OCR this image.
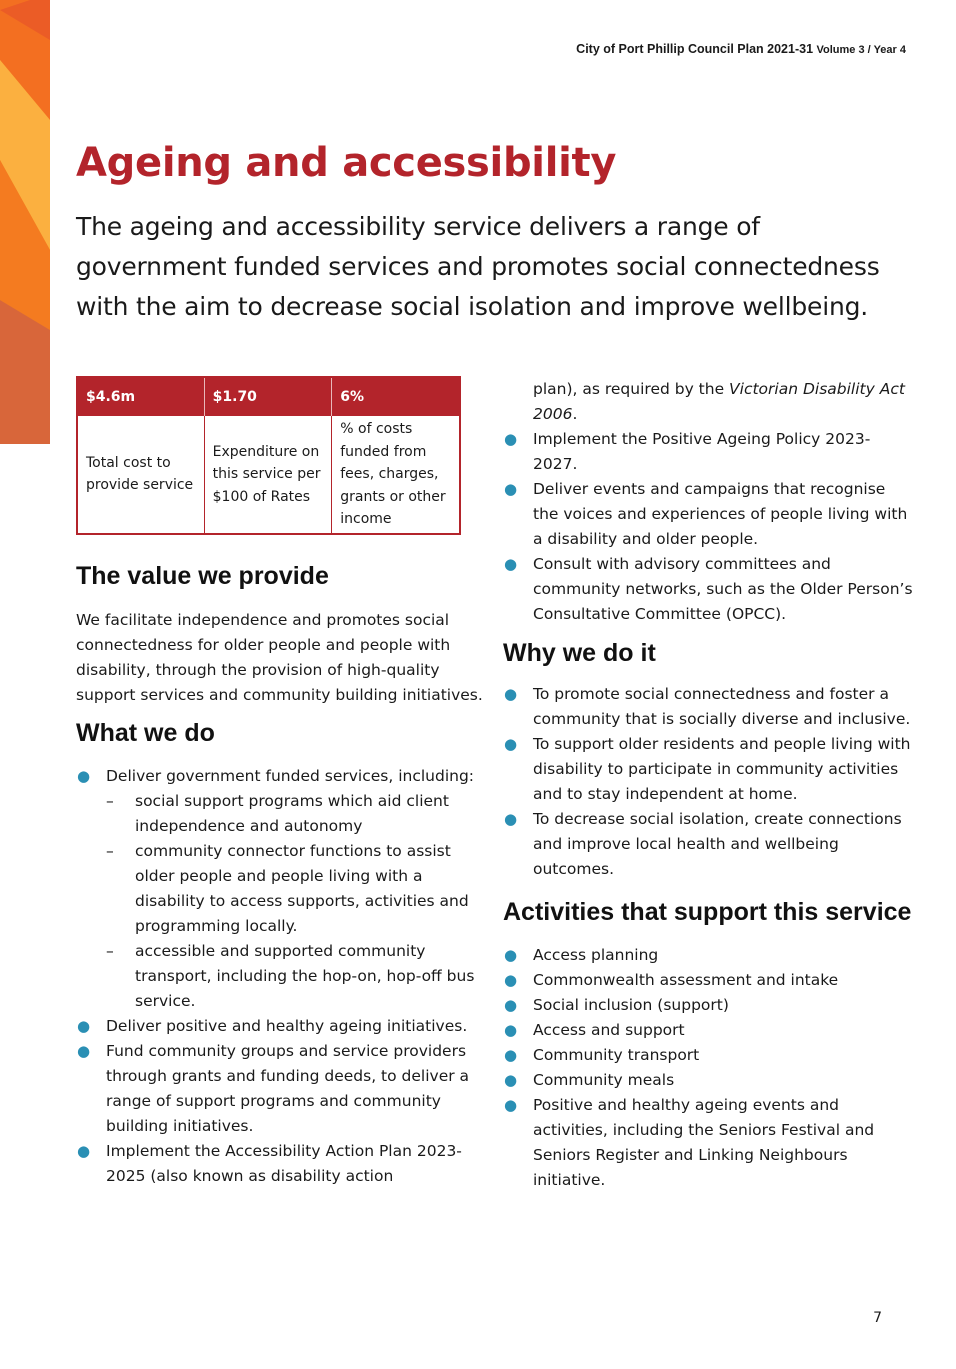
City of Port Phillip Council Plan 2021-31 Volume 3 / Year 4
Ageing and accessibility

The ageing and accessibility service delivers a range of government funded services and promotes social connectedness with the aim to decrease social isolation and improve wellbeing.

$4.6m	$1.70	6%
Total cost to provide service	Expenditure on this service per $100 of Rates	% of costs funded from fees, charges, grants or other income
The value we provide

We facilitate independence and promotes social connectedness for older people and people with disability, through the provision of high-quality support services and community building initiatives.

What we do
● Deliver government funded services, including:
– social support programs which aid client independence and autonomy
– community connector functions to assist older people and people living with a disability to access supports, activities and programming locally.
– accessible and supported community transport, including the hop-on, hop-off bus service.
● Deliver positive and healthy ageing initiatives.
● Fund community groups and service providers through grants and funding deeds, to deliver a range of support programs and community building initiatives.
● Implement the Accessibility Action Plan 2023-2025 (also known as disability action
plan), as required by the Victorian Disability Act 2006.
● Implement the Positive Ageing Policy 2023-2027.
● Deliver events and campaigns that recognise the voices and experiences of people living with a disability and older people.
● Consult with advisory committees and community networks, such as the Older Person’s Consultative Committee (OPCC).
Why we do it
● To promote social connectedness and foster a community that is socially diverse and inclusive.
● To support older residents and people living with disability to participate in community activities and to stay independent at home.
● To decrease social isolation, create connections and improve local health and wellbeing outcomes.
Activities that support this service
● Access planning
● Commonwealth assessment and intake
● Social inclusion (support)
● Access and support
● Community transport
● Community meals
● Positive and healthy ageing events and activities, including the Seniors Festival and Seniors Register and Linking Neighbours initiative.
7
